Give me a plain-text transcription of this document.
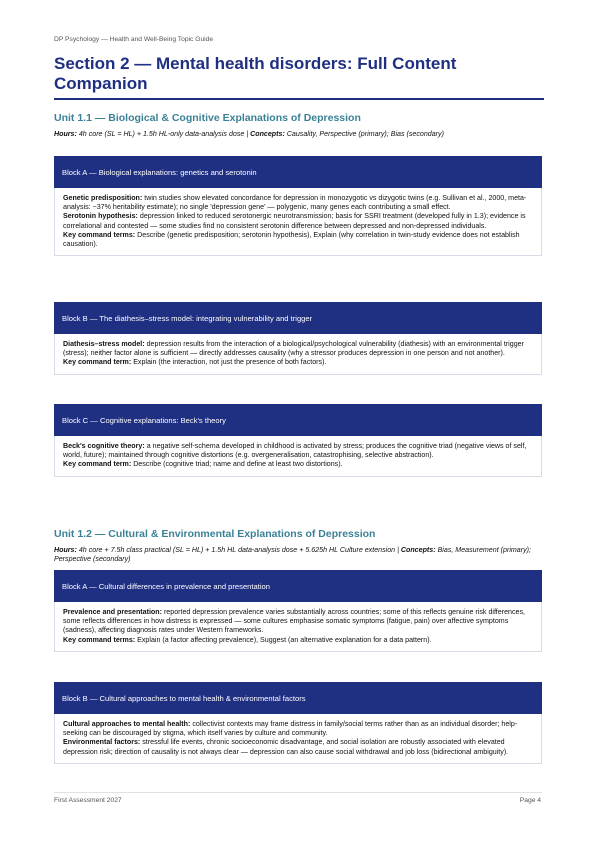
DP Psychology — Health and Well-Being Topic Guide
Section 2 — Mental health disorders: Full Content Companion
Unit 1.1 — Biological & Cognitive Explanations of Depression
Hours: 4h core (SL = HL) + 1.5h HL-only data-analysis dose | Concepts: Causality, Perspective (primary); Bias (secondary)
Block A — Biological explanations: genetics and serotonin

Genetic predisposition: twin studies show elevated concordance for depression in monozygotic vs dizygotic twins (e.g. Sullivan et al., 2000, meta-analysis: ~37% heritability estimate); no single 'depression gene' — polygenic, many genes each contributing a small effect.

Serotonin hypothesis: depression linked to reduced serotonergic neurotransmission; basis for SSRI treatment (developed fully in 1.3); evidence is correlational and contested — some studies find no consistent serotonin difference between depressed and non-depressed individuals.

Key command terms: Describe (genetic predisposition; serotonin hypothesis), Explain (why correlation in twin-study evidence does not establish causation).

Block B — The diathesis–stress model: integrating vulnerability and trigger

Diathesis–stress model: depression results from the interaction of a biological/psychological vulnerability (diathesis) with an environmental trigger (stress); neither factor alone is sufficient — directly addresses causality (why a stressor produces depression in one person and not another).

Key command term: Explain (the interaction, not just the presence of both factors).

Block C — Cognitive explanations: Beck's theory

Beck's cognitive theory: a negative self-schema developed in childhood is activated by stress; produces the cognitive triad (negative views of self, world, future); maintained through cognitive distortions (e.g. overgeneralisation, catastrophising, selective abstraction).

Key command term: Describe (cognitive triad; name and define at least two distortions).

Unit 1.2 — Cultural & Environmental Explanations of Depression
Hours: 4h core + 7.5h class practical (SL = HL) + 1.5h HL data-analysis dose + 5.625h HL Culture extension | Concepts: Bias, Measurement (primary); Perspective (secondary)
Block A — Cultural differences in prevalence and presentation

Prevalence and presentation: reported depression prevalence varies substantially across countries; some of this reflects genuine risk differences, some reflects differences in how distress is expressed — some cultures emphasise somatic symptoms (fatigue, pain) over affective symptoms (sadness), affecting diagnosis rates under Western frameworks.

Key command terms: Explain (a factor affecting prevalence), Suggest (an alternative explanation for a data pattern).

Block B — Cultural approaches to mental health & environmental factors

Cultural approaches to mental health: collectivist contexts may frame distress in family/social terms rather than as an individual disorder; help-seeking can be discouraged by stigma, which itself varies by culture and community.

Environmental factors: stressful life events, chronic socioeconomic disadvantage, and social isolation are robustly associated with elevated depression risk; direction of causality is not always clear — depression can also cause social withdrawal and job loss (bidirectional ambiguity).

First Assessment 2027	Page 4
